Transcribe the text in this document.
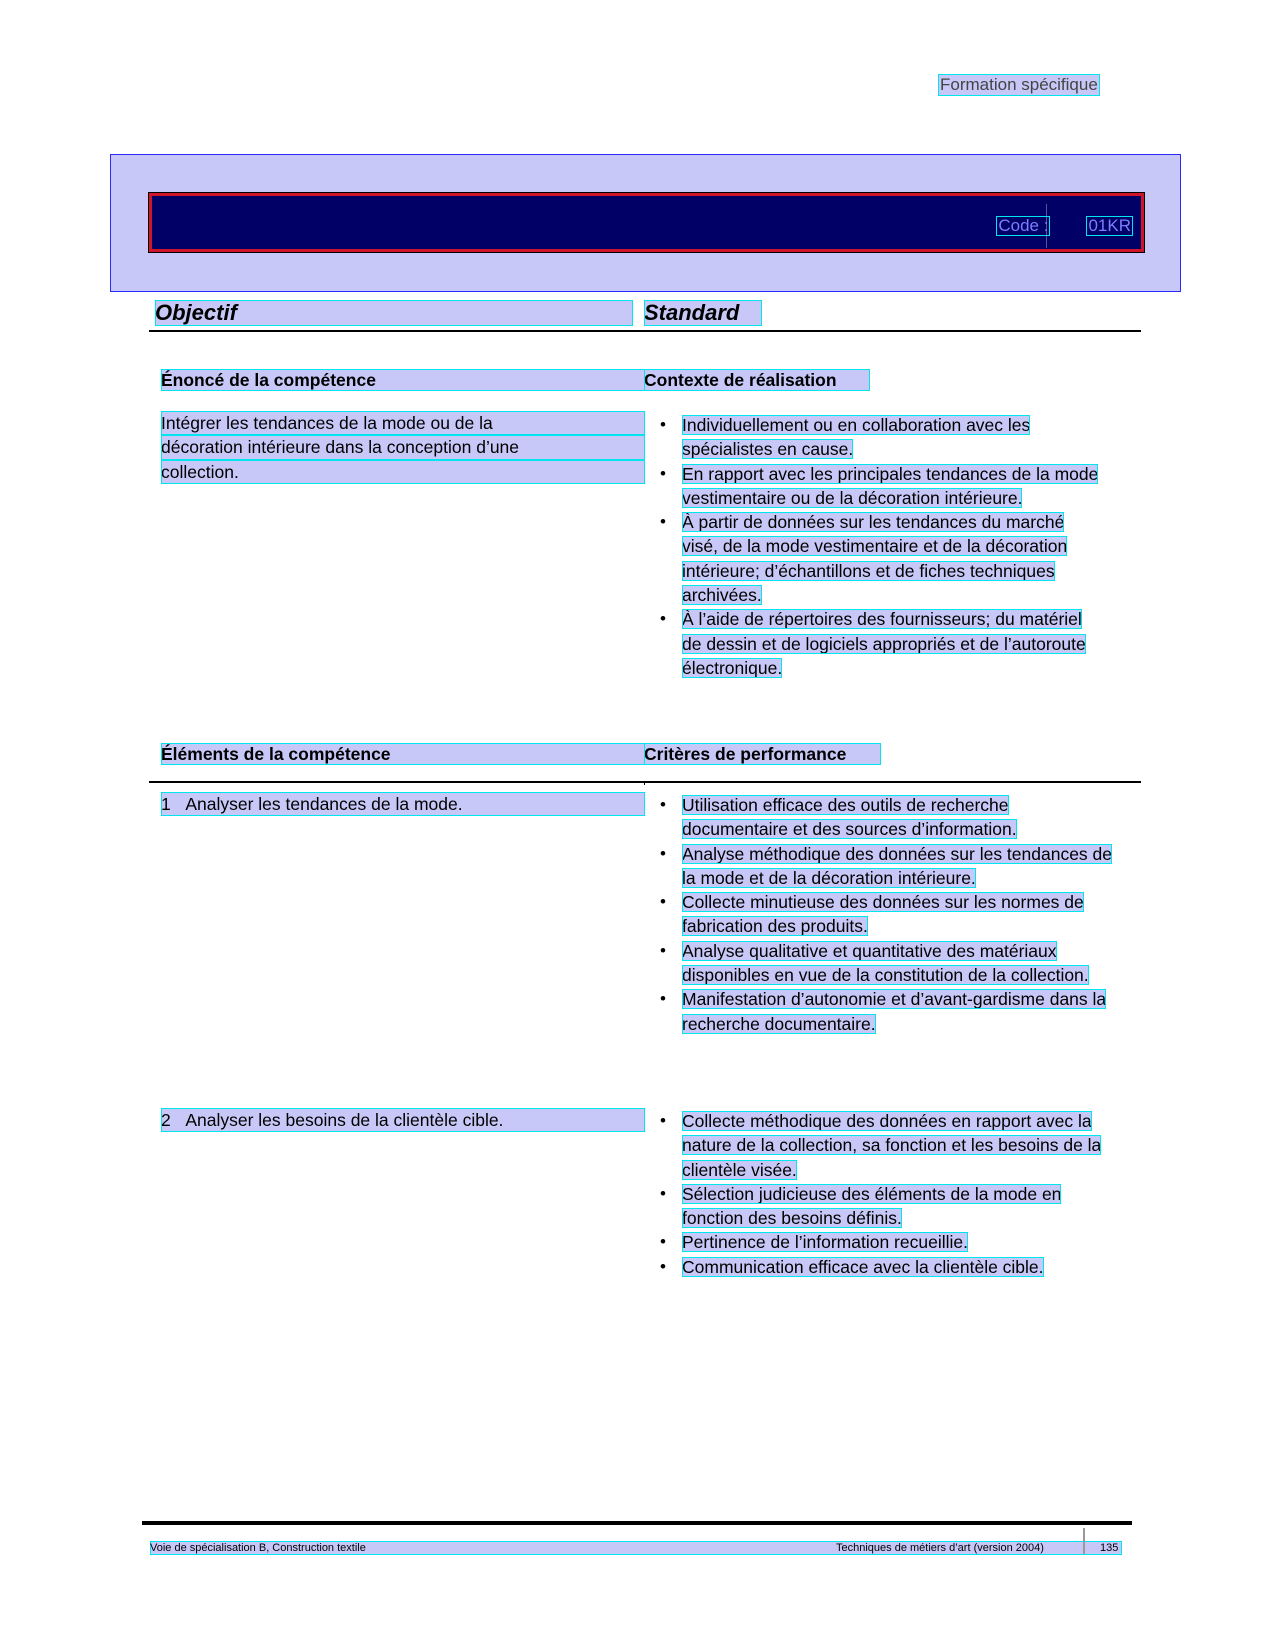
Formation spécifique
Code : 01KR
Objectif	Standard
Énoncé de la compétence	Contexte de réalisation
Intégrer les tendances de la mode ou de la
décoration intérieure dans la conception d’une
collection.
• Individuellement ou en collaboration avec les spécialistes en cause.
• En rapport avec les principales tendances de la mode vestimentaire ou de la décoration intérieure.
• À partir de données sur les tendances du marché visé, de la mode vestimentaire et de la décoration intérieure; d’échantillons et de fiches techniques archivées.
• À l’aide de répertoires des fournisseurs; du matériel de dessin et de logiciels appropriés et de l’autoroute électronique.
Éléments de la compétence	Critères de performance
1 Analyser les tendances de la mode.	• Utilisation efficace des outils de recherche documentaire et des sources d’information.
• Analyse méthodique des données sur les tendances de la mode et de la décoration intérieure.
• Collecte minutieuse des données sur les normes de fabrication des produits.
• Analyse qualitative et quantitative des matériaux disponibles en vue de la constitution de la collection.
• Manifestation d’autonomie et d’avant-gardisme dans la recherche documentaire.
2 Analyser les besoins de la clientèle cible.	• Collecte méthodique des données en rapport avec la nature de la collection, sa fonction et les besoins de la clientèle visée.
• Sélection judicieuse des éléments de la mode en fonction des besoins définis.
• Pertinence de l’information recueillie.
• Communication efficace avec la clientèle cible.
Voie de spécialisation B, Construction textile	Techniques de métiers d’art (version 2004)	135
